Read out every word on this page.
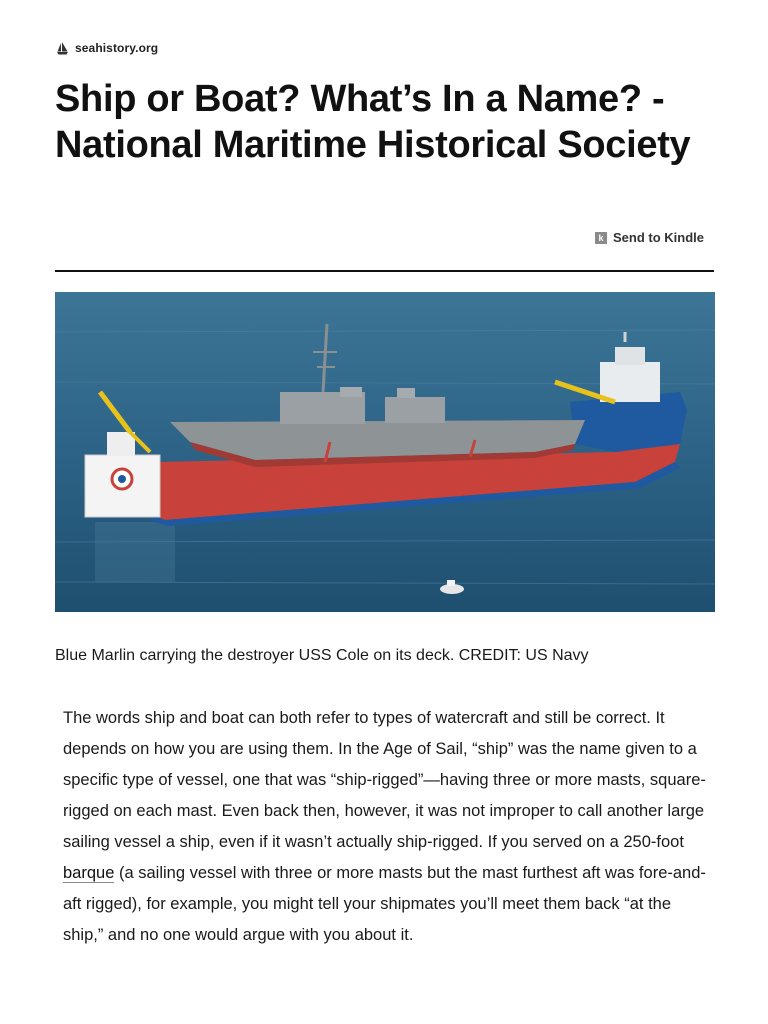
seahistory.org
Ship or Boat? What’s In a Name? - National Maritime Historical Society
k Send to Kindle
Blue Marlin carrying the destroyer USS Cole on its deck. CREDIT: US Navy

The words ship and boat can both refer to types of watercraft and still be correct. It depends on how you are using them. In the Age of Sail, “ship” was the name given to a specific type of vessel, one that was “ship-rigged”—having three or more masts, square-rigged on each mast. Even back then, however, it was not improper to call another large sailing vessel a ship, even if it wasn’t actually ship-rigged. If you served on a 250-foot barque (a sailing vessel with three or more masts but the mast furthest aft was fore-and-aft rigged), for example, you might tell your shipmates you’ll meet them back “at the ship,” and no one would argue with you about it.
